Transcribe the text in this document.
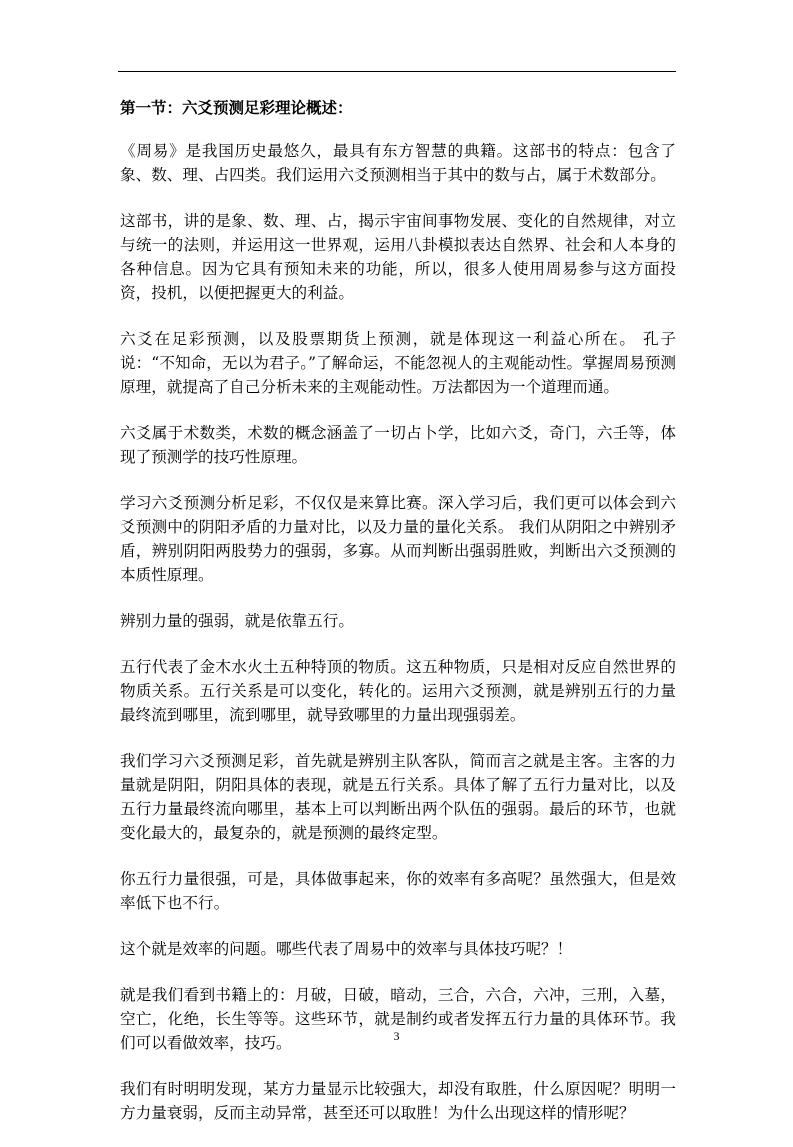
第一节：六爻预测足彩理论概述：

《周易》是我国历史最悠久，最具有东方智慧的典籍。这部书的特点：包含了象、数、理、占四类。我们运用六爻预测相当于其中的数与占，属于术数部分。

这部书，讲的是象、数、理、占，揭示宇宙间事物发展、变化的自然规律，对立与统一的法则，并运用这一世界观，运用八卦模拟表达自然界、社会和人本身的各种信息。因为它具有预知未来的功能，所以，很多人使用周易参与这方面投资，投机，以便把握更大的利益。

六爻在足彩预测，以及股票期货上预测，就是体现这一利益心所在。 孔子说：“不知命，无以为君子。”了解命运，不能忽视人的主观能动性。掌握周易预测原理，就提高了自己分析未来的主观能动性。万法都因为一个道理而通。

六爻属于术数类，术数的概念涵盖了一切占卜学，比如六爻，奇门，六壬等，体现了预测学的技巧性原理。

学习六爻预测分析足彩，不仅仅是来算比赛。深入学习后，我们更可以体会到六爻预测中的阴阳矛盾的力量对比，以及力量的量化关系。 我们从阴阳之中辨别矛盾，辨别阴阳两股势力的强弱，多寡。从而判断出强弱胜败，判断出六爻预测的本质性原理。

辨别力量的强弱，就是依靠五行。

五行代表了金木水火土五种特顶的物质。这五种物质，只是相对反应自然世界的物质关系。五行关系是可以变化，转化的。运用六爻预测，就是辨别五行的力量最终流到哪里，流到哪里，就导致哪里的力量出现强弱差。

我们学习六爻预测足彩，首先就是辨别主队客队，简而言之就是主客。主客的力量就是阴阳，阴阳具体的表现，就是五行关系。具体了解了五行力量对比，以及五行力量最终流向哪里，基本上可以判断出两个队伍的强弱。最后的环节，也就变化最大的，最复杂的，就是预测的最终定型。

你五行力量很强，可是，具体做事起来，你的效率有多高呢？虽然强大，但是效率低下也不行。

这个就是效率的问题。哪些代表了周易中的效率与具体技巧呢？！

就是我们看到书籍上的：月破，日破，暗动，三合，六合，六冲，三刑，入墓，空亡，化绝，长生等等。这些环节，就是制约或者发挥五行力量的具体环节。我们可以看做效率，技巧。

我们有时明明发现，某方力量显示比较强大，却没有取胜，什么原因呢？明明一方力量衰弱，反而主动异常，甚至还可以取胜！为什么出现这样的情形呢？

3
